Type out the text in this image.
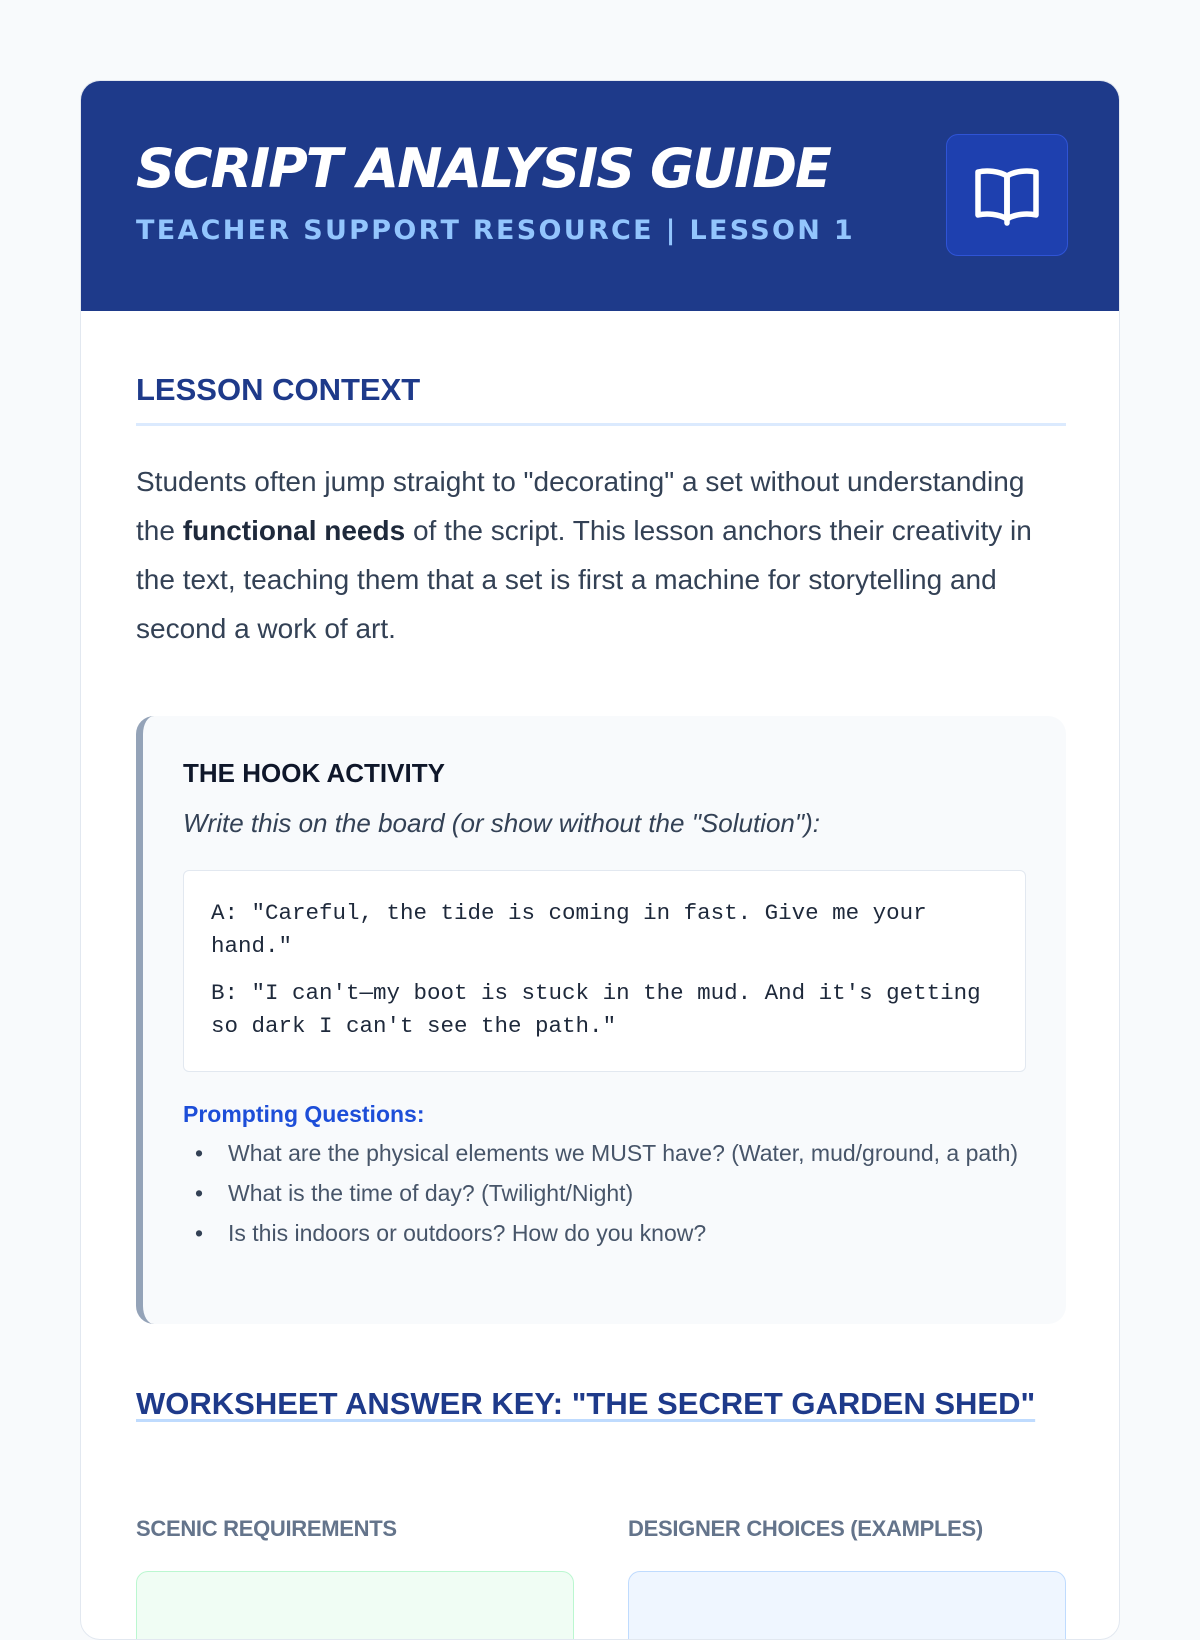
SCRIPT ANALYSIS GUIDE
TEACHER SUPPORT RESOURCE | LESSON 1
LESSON CONTEXT

Students often jump straight to "decorating" a set without understanding the functional needs of the script. This lesson anchors their creativity in the text, teaching them that a set is first a machine for storytelling and second a work of art.

THE HOOK ACTIVITY

Write this on the board (or show without the "Solution"):

A: "Careful, the tide is coming in fast. Give me your hand."

B: "I can't—my boot is stuck in the mud. And it's getting so dark I can't see the path."

Prompting Questions:

• What are the physical elements we MUST have? (Water, mud/ground, a path)
• What is the time of day? (Twilight/Night)
• Is this indoors or outdoors? How do you know?
WORKSHEET ANSWER KEY: "THE SECRET GARDEN SHED"
SCENIC REQUIREMENTS	DESIGNER CHOICES (EXAMPLES)
